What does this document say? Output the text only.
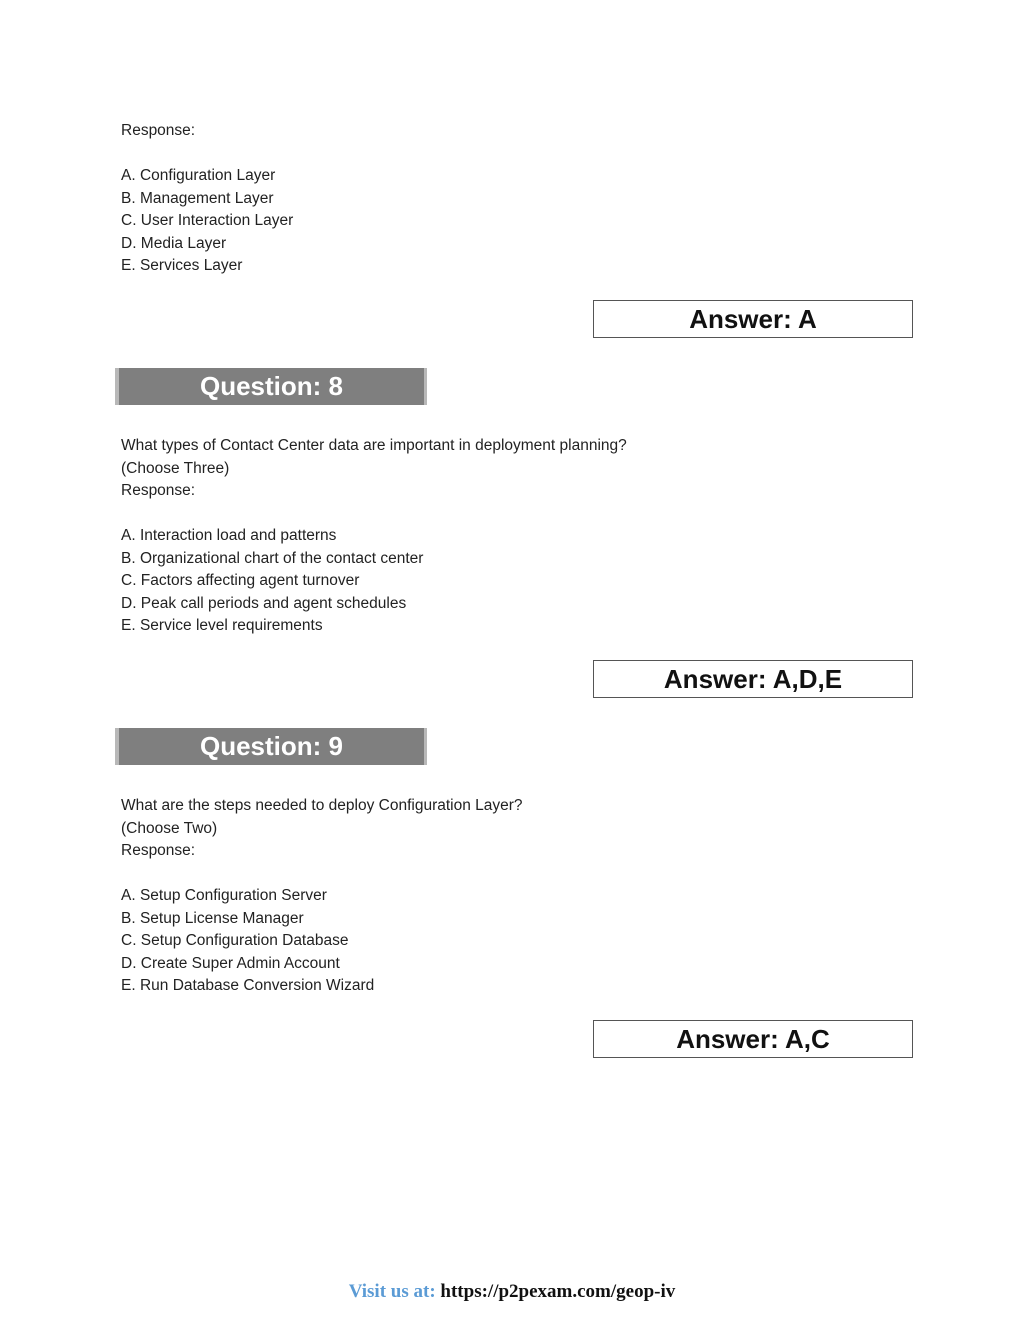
Response:

A. Configuration Layer
B. Management Layer
C. User Interaction Layer
D. Media Layer
E. Services Layer
Answer: A
Question: 8
What types of Contact Center data are important in deployment planning?
(Choose Three)
Response:

A. Interaction load and patterns
B. Organizational chart of the contact center
C. Factors affecting agent turnover
D. Peak call periods and agent schedules
E. Service level requirements
Answer: A,D,E
Question: 9
What are the steps needed to deploy Configuration Layer?
(Choose Two)
Response:

A. Setup Configuration Server
B. Setup License Manager
C. Setup Configuration Database
D. Create Super Admin Account
E. Run Database Conversion Wizard
Answer: A,C
Visit us at: https://p2pexam.com/geop-iv
